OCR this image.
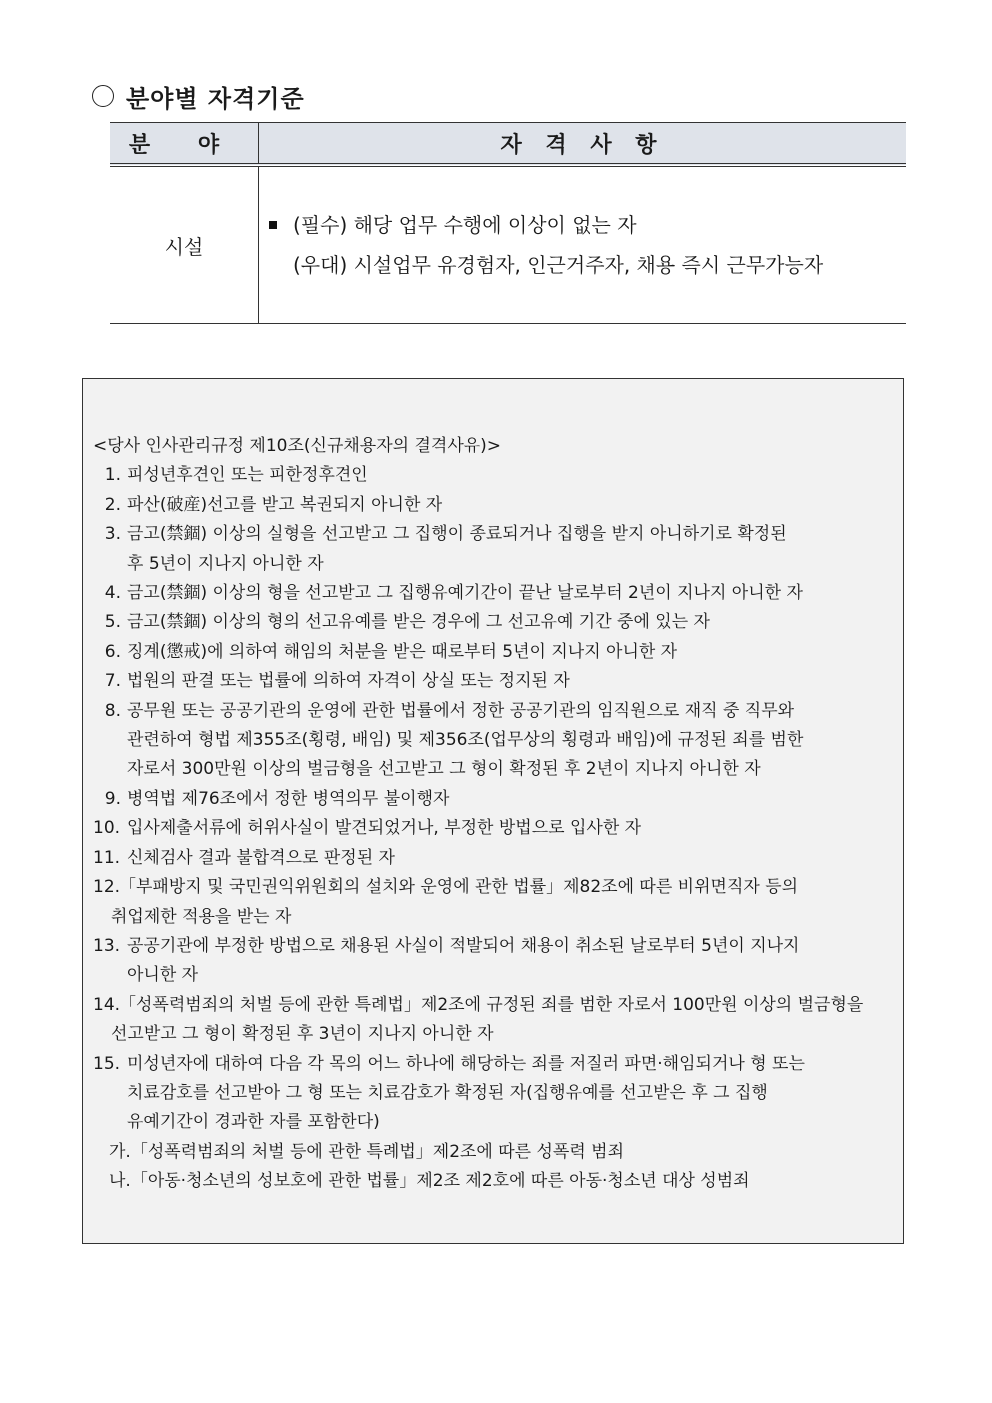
분야별 자격기준
분 야	자 격 사 항
시설	(필수) 해당 업무 수행에 이상이 없는 자
(우대) 시설업무 유경험자, 인근거주자, 채용 즉시 근무가능자
<당사 인사관리규정 제10조(신규채용자의 결격사유)>
1. 피성년후견인 또는 피한정후견인
2. 파산(破産)선고를 받고 복권되지 아니한 자
3. 금고(禁錮) 이상의 실형을 선고받고 그 집행이 종료되거나 집행을 받지 아니하기로 확정된
후 5년이 지나지 아니한 자
4. 금고(禁錮) 이상의 형을 선고받고 그 집행유예기간이 끝난 날로부터 2년이 지나지 아니한 자
5. 금고(禁錮) 이상의 형의 선고유예를 받은 경우에 그 선고유예 기간 중에 있는 자
6. 징계(懲戒)에 의하여 해임의 처분을 받은 때로부터 5년이 지나지 아니한 자
7. 법원의 판결 또는 법률에 의하여 자격이 상실 또는 정지된 자
8. 공무원 또는 공공기관의 운영에 관한 법률에서 정한 공공기관의 임직원으로 재직 중 직무와
관련하여 형법 제355조(횡령, 배임) 및 제356조(업무상의 횡령과 배임)에 규정된 죄를 범한
자로서 300만원 이상의 벌금형을 선고받고 그 형이 확정된 후 2년이 지나지 아니한 자
9. 병역법 제76조에서 정한 병역의무 불이행자
10. 입사제출서류에 허위사실이 발견되었거나, 부정한 방법으로 입사한 자
11. 신체검사 결과 불합격으로 판정된 자
12.
「부패방지 및 국민권익위원회의 설치와 운영에 관한 법률」제82조에 따른 비위면직자 등의
취업제한 적용을 받는 자
13. 공공기관에 부정한 방법으로 채용된 사실이 적발되어 채용이 취소된 날로부터 5년이 지나지
아니한 자
14.
「성폭력범죄의 처벌 등에 관한 특례법」제2조에 규정된 죄를 범한 자로서 100만원 이상의 벌금형을
선고받고 그 형이 확정된 후 3년이 지나지 아니한 자
15. 미성년자에 대하여 다음 각 목의 어느 하나에 해당하는 죄를 저질러 파면·해임되거나 형 또는
치료감호를 선고받아 그 형 또는 치료감호가 확정된 자(집행유예를 선고받은 후 그 집행
유예기간이 경과한 자를 포함한다)
가.「성폭력범죄의 처벌 등에 관한 특례법」제2조에 따른 성폭력 범죄
나.「아동·청소년의 성보호에 관한 법률」제2조 제2호에 따른 아동·청소년 대상 성범죄
